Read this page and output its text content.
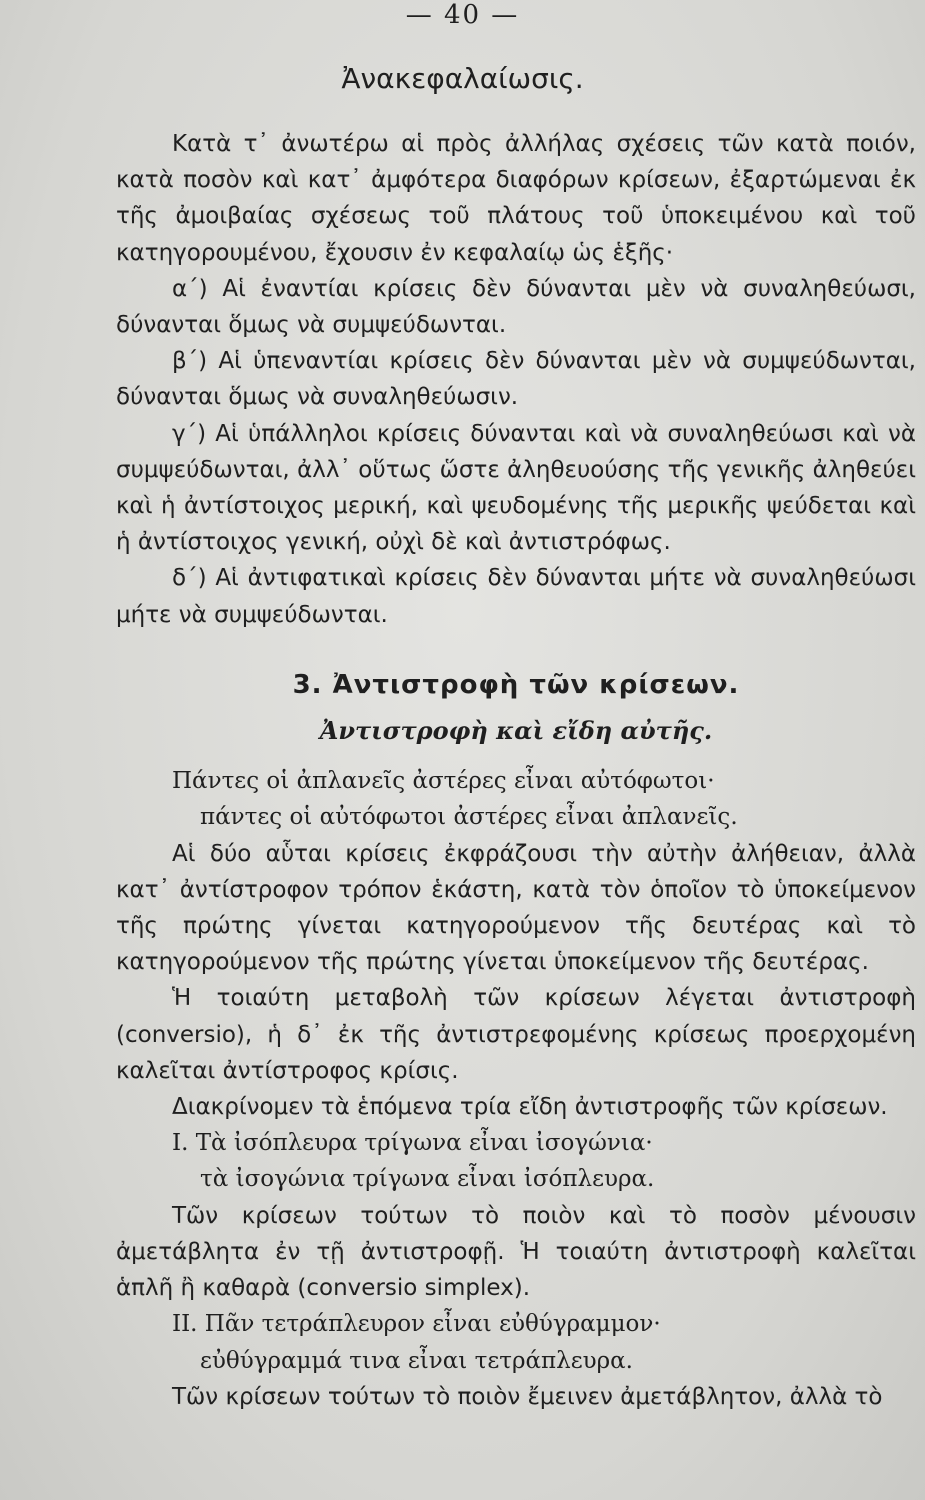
— 40 —
Ἀνακεφαλαίωσις.

Κατὰ τ᾽ ἀνωτέρω αἱ πρὸς ἀλλήλας σχέσεις τῶν κατὰ ποιόν, κατὰ ποσὸν καὶ κατ᾽ ἀμφότερα διαφόρων κρίσεων, ἐξαρτώμεναι ἐκ τῆς ἀμοιβαίας σχέσεως τοῦ πλάτους τοῦ ὑποκειμένου καὶ τοῦ κατηγορουμένου, ἔχουσιν ἐν κεφαλαίῳ ὡς ἑξῆς·

α΄) Αἱ ἐναντίαι κρίσεις δὲν δύνανται μὲν νὰ συναληθεύωσι, δύνανται ὅμως νὰ συμψεύδωνται.

β΄) Αἱ ὑπεναντίαι κρίσεις δὲν δύνανται μὲν νὰ συμψεύδωνται, δύνανται ὅμως νὰ συναληθεύωσιν.

γ΄) Αἱ ὑπάλληλοι κρίσεις δύνανται καὶ νὰ συναληθεύωσι καὶ νὰ συμψεύδωνται, ἀλλ᾽ οὕτως ὥστε ἀληθευούσης τῆς γενικῆς ἀληθεύει καὶ ἡ ἀντίστοιχος μερική, καὶ ψευδομένης τῆς μερικῆς ψεύδεται καὶ ἡ ἀντίστοιχος γενική, οὐχὶ δὲ καὶ ἀντιστρόφως.

δ΄) Αἱ ἀντιφατικαὶ κρίσεις δὲν δύνανται μήτε νὰ συναληθεύωσι μήτε νὰ συμψεύδωνται.

3. Ἀντιστροφὴ τῶν κρίσεων.

Ἀντιστροφὴ καὶ εἴδη αὐτῆς.

Πάντες οἱ ἀπλανεῖς ἀστέρες εἶναι αὐτόφωτοι·

πάντες οἱ αὐτόφωτοι ἀστέρες εἶναι ἀπλανεῖς.

Αἱ δύο αὗται κρίσεις ἐκφράζουσι τὴν αὐτὴν ἀλήθειαν, ἀλλὰ κατ᾽ ἀντίστροφον τρόπον ἑκάστη, κατὰ τὸν ὁποῖον τὸ ὑποκείμενον τῆς πρώτης γίνεται κατηγορούμενον τῆς δευτέρας καὶ τὸ κατηγορούμενον τῆς πρώτης γίνεται ὑποκείμενον τῆς δευτέρας.

Ἡ τοιαύτη μεταβολὴ τῶν κρίσεων λέγεται ἀντιστροφὴ (conversio), ἡ δ᾽ ἐκ τῆς ἀντιστρεφομένης κρίσεως προερχομένη καλεῖται ἀντίστροφος κρίσις.

Διακρίνομεν τὰ ἑπόμενα τρία εἴδη ἀντιστροφῆς τῶν κρίσεων.

I. Τὰ ἰσόπλευρα τρίγωνα εἶναι ἰσογώνια·

τὰ ἰσογώνια τρίγωνα εἶναι ἰσόπλευρα.

Τῶν κρίσεων τούτων τὸ ποιὸν καὶ τὸ ποσὸν μένουσιν ἀμετάβλητα ἐν τῇ ἀντιστροφῇ. Ἡ τοιαύτη ἀντιστροφὴ καλεῖται ἁπλῆ ἢ καθαρὰ (conversio simplex).

II. Πᾶν τετράπλευρον εἶναι εὐθύγραμμον·

εὐθύγραμμά τινα εἶναι τετράπλευρα.

Τῶν κρίσεων τούτων τὸ ποιὸν ἔμεινεν ἀμετάβλητον, ἀλλὰ τὸ
